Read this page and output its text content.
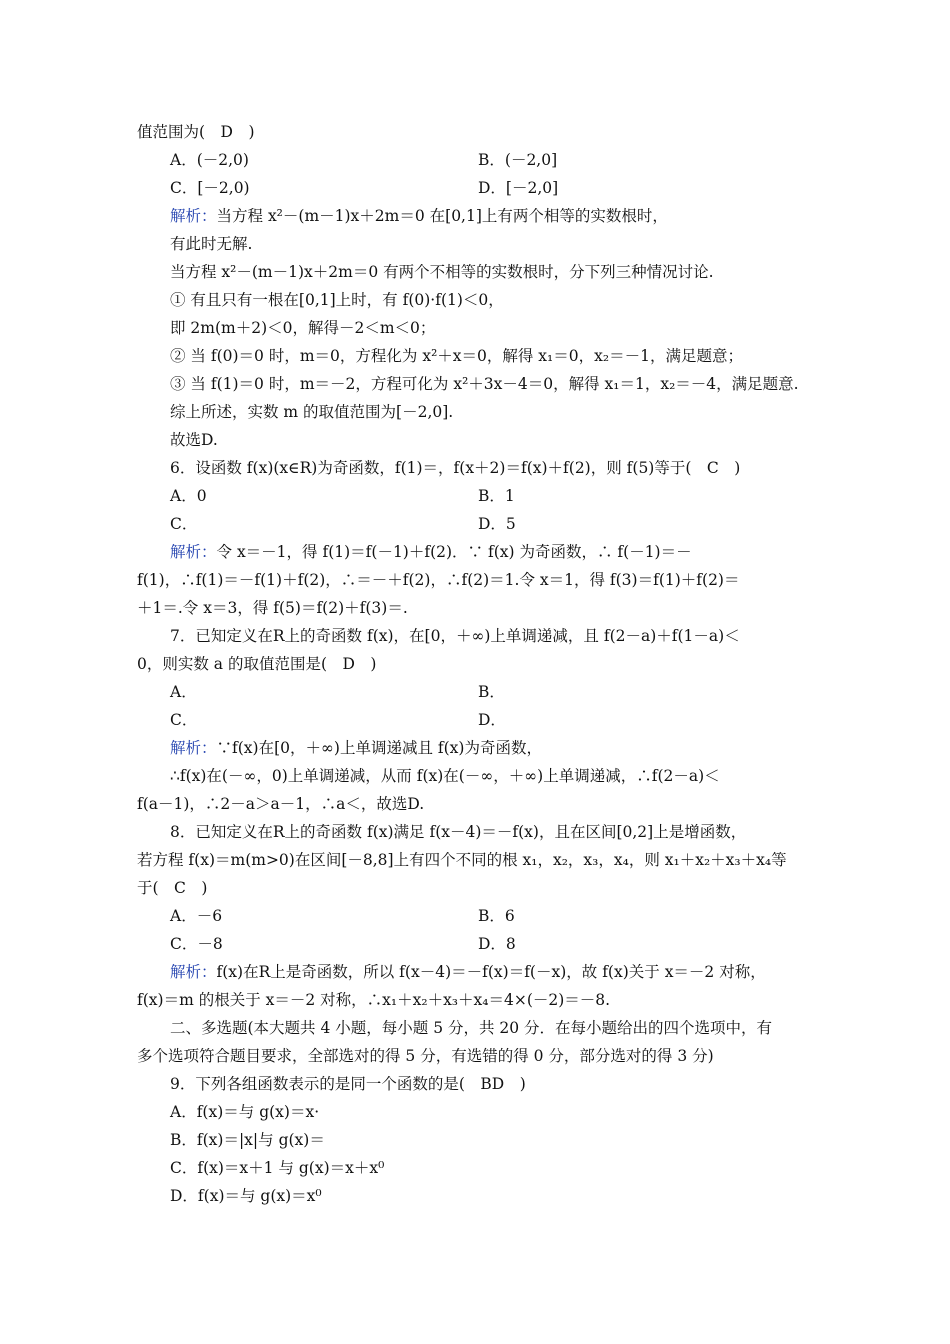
值范围为(　D　)
A．(－2,0)	B．(－2,0]
C．[－2,0)	D．[－2,0]
解析：当方程 x²－(m－1)x＋2m＝0 在[0,1]上有两个相等的实数根时，
有此时无解.
当方程 x²－(m－1)x＋2m＝0 有两个不相等的实数根时，分下列三种情况讨论.
① 有且只有一根在[0,1]上时，有 f(0)·f(1)＜0，
即 2m(m＋2)＜0，解得－2＜m＜0；
② 当 f(0)＝0 时，m＝0，方程化为 x²＋x＝0，解得 x₁＝0，x₂＝－1，满足题意；
③ 当 f(1)＝0 时，m＝－2，方程可化为 x²＋3x－4＝0，解得 x₁＝1，x₂＝－4，满足题意.
综上所述，实数 m 的取值范围为[－2,0].
故选D.
6．设函数 f(x)(x∈R)为奇函数，f(1)＝，f(x＋2)＝f(x)＋f(2)，则 f(5)等于(　C　)
A．0	B．1
C．	D．5
解析：令 x＝－1，得 f(1)＝f(－1)＋f(2)．∵ f(x) 为奇函数，∴ f(－1)＝－
f(1)，∴f(1)＝－f(1)＋f(2)，∴＝－＋f(2)，∴f(2)＝1.令 x＝1，得 f(3)＝f(1)＋f(2)＝
＋1＝.令 x＝3，得 f(5)＝f(2)＋f(3)＝.
7．已知定义在R上的奇函数 f(x)，在[0，＋∞)上单调递减，且 f(2－a)＋f(1－a)＜
0，则实数 a 的取值范围是(　D　)
A．	B．
C．	D．
解析：∵f(x)在[0，＋∞)上单调递减且 f(x)为奇函数，
∴f(x)在(－∞，0)上单调递减，从而 f(x)在(－∞，＋∞)上单调递减，∴f(2－a)＜
f(a－1)，∴2－a＞a－1，∴a＜，故选D.
8．已知定义在R上的奇函数 f(x)满足 f(x－4)＝－f(x)，且在区间[0,2]上是增函数，
若方程 f(x)＝m(m>0)在区间[－8,8]上有四个不同的根 x₁，x₂，x₃，x₄，则 x₁＋x₂＋x₃＋x₄等
于(　C　)
A．－6	B．6
C．－8	D．8
解析：f(x)在R上是奇函数，所以 f(x－4)＝－f(x)＝f(－x)，故 f(x)关于 x＝－2 对称，
f(x)＝m 的根关于 x＝－2 对称，∴x₁＋x₂＋x₃＋x₄＝4×(－2)＝－8.
二、多选题(本大题共 4 小题，每小题 5 分，共 20 分．在每小题给出的四个选项中，有
多个选项符合题目要求，全部选对的得 5 分，有选错的得 0 分，部分选对的得 3 分)
9．下列各组函数表示的是同一个函数的是(　BD　)
A．f(x)＝与 g(x)＝x·
B．f(x)＝|x|与 g(x)＝
C．f(x)＝x＋1 与 g(x)＝x＋x⁰
D．f(x)＝与 g(x)＝x⁰
